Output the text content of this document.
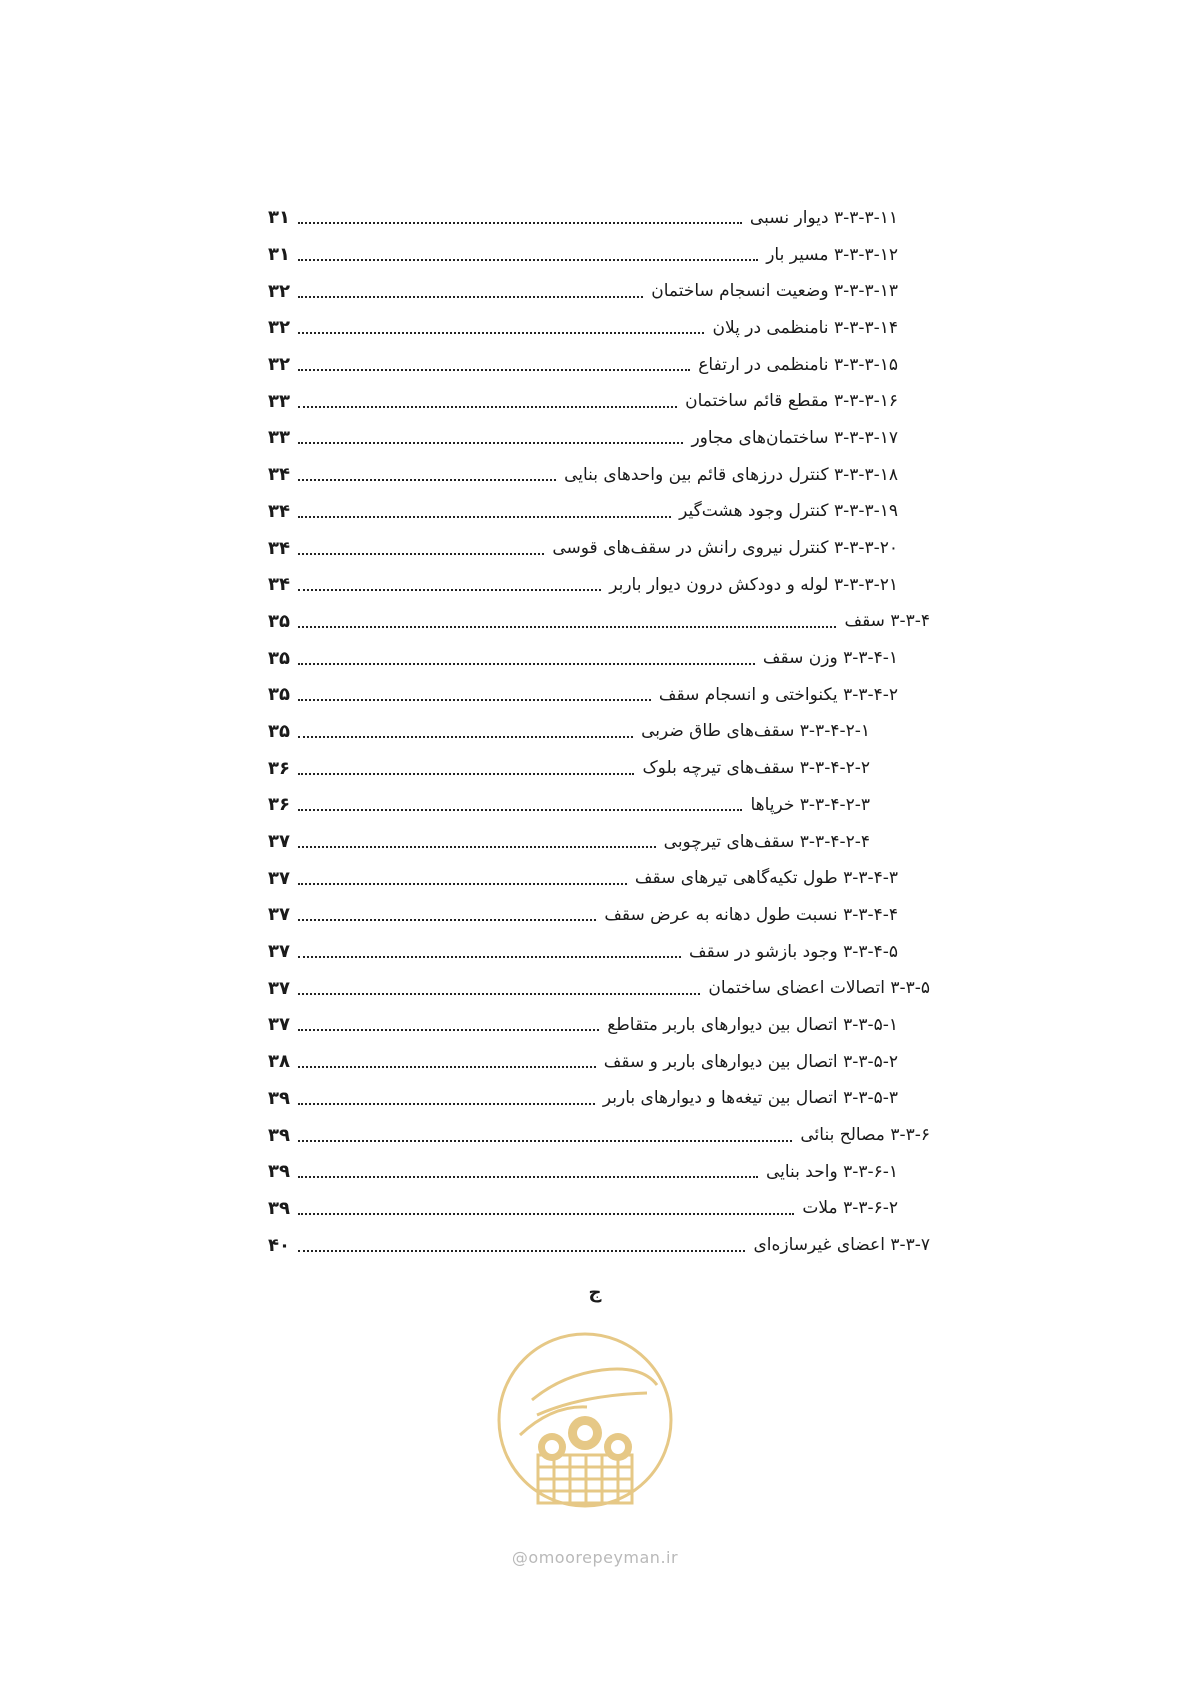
۳-۳-۳-۱۱ دیوار نسبی
۳۱
۳-۳-۳-۱۲ مسیر بار
۳۱
۳-۳-۳-۱۳ وضعیت انسجام ساختمان
۳۲
۳-۳-۳-۱۴ نامنظمی در پلان
۳۲
۳-۳-۳-۱۵ نامنظمی در ارتفاع
۳۲
۳-۳-۳-۱۶ مقطع قائم ساختمان
۳۳
۳-۳-۳-۱۷ ساختمان‌های مجاور
۳۳
۳-۳-۳-۱۸ کنترل درزهای قائم بین واحدهای بنایی
۳۴
۳-۳-۳-۱۹ کنترل وجود هشت‌گیر
۳۴
۳-۳-۳-۲۰ کنترل نیروی رانش در سقف‌های قوسی
۳۴
۳-۳-۳-۲۱ لوله و دودکش درون دیوار باربر
۳۴
۳-۳-۴ سقف
۳۵
۳-۳-۴-۱ وزن سقف
۳۵
۳-۳-۴-۲ یکنواختی و انسجام سقف
۳۵
۳-۳-۴-۲-۱ سقف‌های طاق ضربی
۳۵
۳-۳-۴-۲-۲ سقف‌های تیرچه بلوک
۳۶
۳-۳-۴-۲-۳ خرپاها
۳۶
۳-۳-۴-۲-۴ سقف‌های تیرچوبی
۳۷
۳-۳-۴-۳ طول تکیه‌گاهی تیرهای سقف
۳۷
۳-۳-۴-۴ نسبت طول دهانه به عرض سقف
۳۷
۳-۳-۴-۵ وجود بازشو در سقف
۳۷
۳-۳-۵ اتصالات اعضای ساختمان
۳۷
۳-۳-۵-۱ اتصال بین دیوارهای باربر متقاطع
۳۷
۳-۳-۵-۲ اتصال بین دیوارهای باربر و سقف
۳۸
۳-۳-۵-۳ اتصال بین تیغه‌ها و دیوارهای باربر
۳۹
۳-۳-۶ مصالح بنائی
۳۹
۳-۳-۶-۱ واحد بنایی
۳۹
۳-۳-۶-۲ ملات
۳۹
۳-۳-۷ اعضای غیرسازه‌ای
۴۰
ج
@omoorepeyman.ir
